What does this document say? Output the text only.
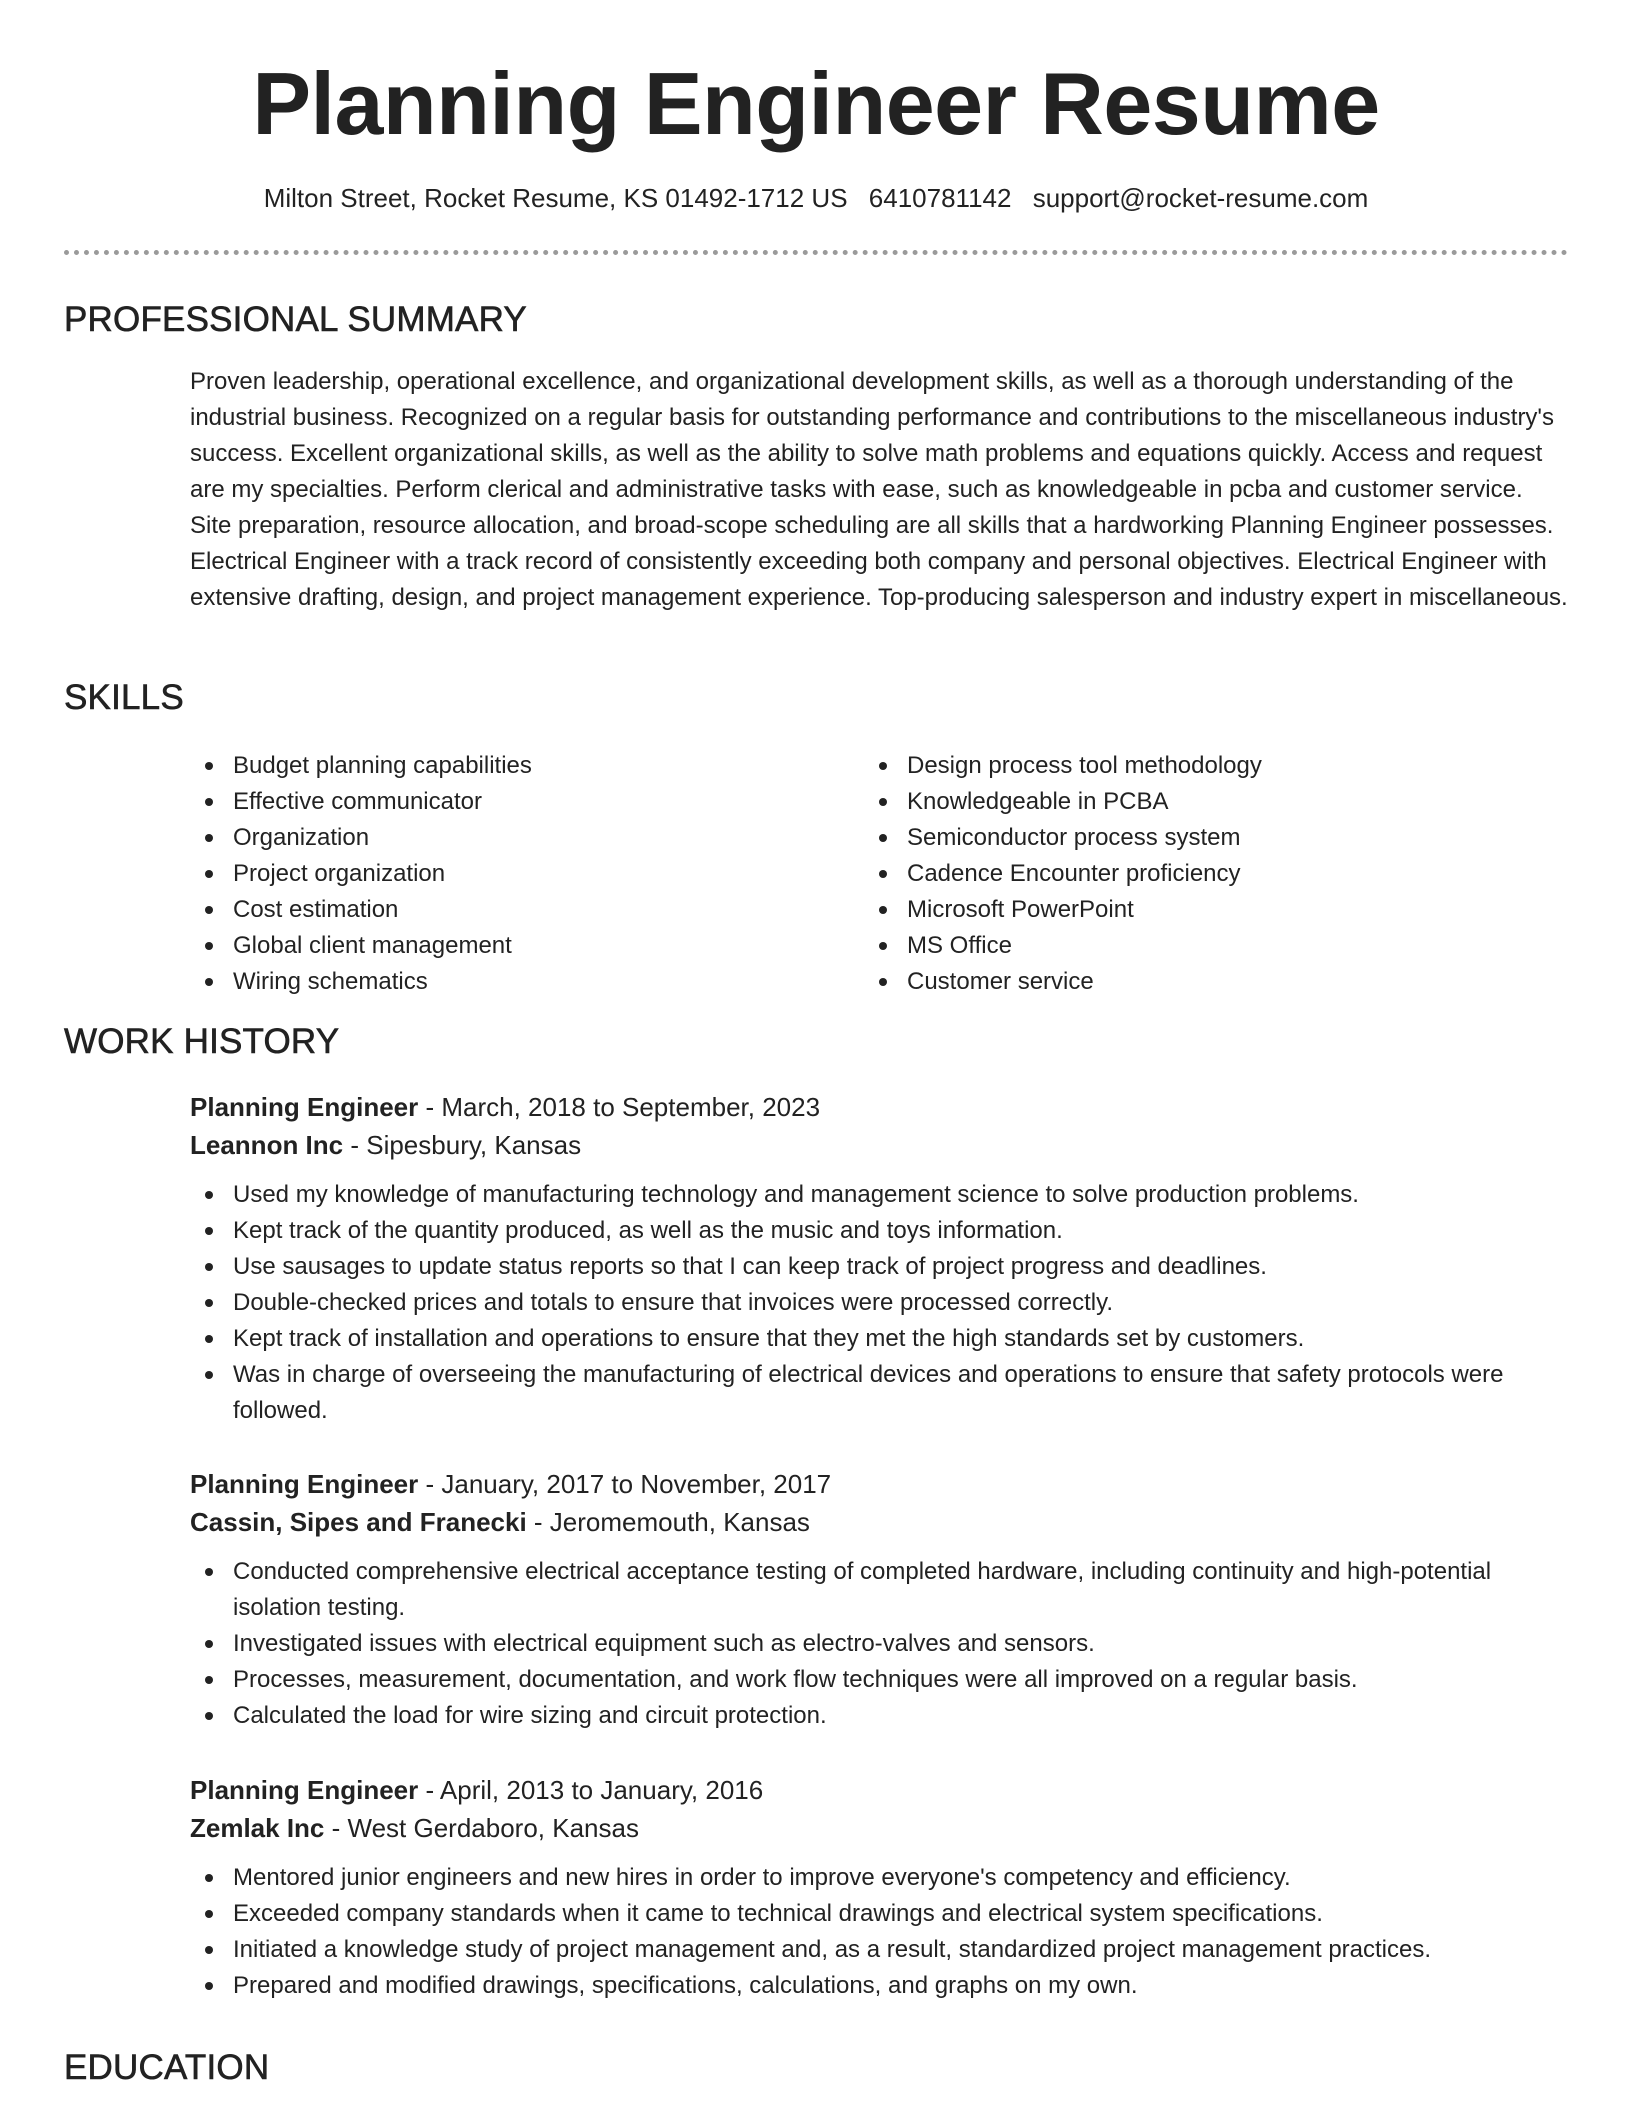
Planning Engineer Resume
Milton Street, Rocket Resume, KS 01492-1712 US 6410781142 support@rocket-resume.com
PROFESSIONAL SUMMARY

Proven leadership, operational excellence, and organizational development skills, as well as a thorough understanding of the industrial business. Recognized on a regular basis for outstanding performance and contributions to the miscellaneous industry's success. Excellent organizational skills, as well as the ability to solve math problems and equations quickly. Access and request are my specialties. Perform clerical and administrative tasks with ease, such as knowledgeable in pcba and customer service. Site preparation, resource allocation, and broad-scope scheduling are all skills that a hardworking Planning Engineer possesses. Electrical Engineer with a track record of consistently exceeding both company and personal objectives. Electrical Engineer with extensive drafting, design, and project management experience. Top-producing salesperson and industry expert in miscellaneous.

SKILLS
Budget planning capabilities
Effective communicator
Organization
Project organization
Cost estimation
Global client management
Wiring schematics
Design process tool methodology
Knowledgeable in PCBA
Semiconductor process system
Cadence Encounter proficiency
Microsoft PowerPoint
MS Office
Customer service
WORK HISTORY
Planning Engineer - March, 2018 to September, 2023
Leannon Inc - Sipesbury, Kansas
Used my knowledge of manufacturing technology and management science to solve production problems.
Kept track of the quantity produced, as well as the music and toys information.
Use sausages to update status reports so that I can keep track of project progress and deadlines.
Double-checked prices and totals to ensure that invoices were processed correctly.
Kept track of installation and operations to ensure that they met the high standards set by customers.
Was in charge of overseeing the manufacturing of electrical devices and operations to ensure that safety protocols were followed.
Planning Engineer - January, 2017 to November, 2017
Cassin, Sipes and Franecki - Jeromemouth, Kansas
Conducted comprehensive electrical acceptance testing of completed hardware, including continuity and high-potential isolation testing.
Investigated issues with electrical equipment such as electro-valves and sensors.
Processes, measurement, documentation, and work flow techniques were all improved on a regular basis.
Calculated the load for wire sizing and circuit protection.
Planning Engineer - April, 2013 to January, 2016
Zemlak Inc - West Gerdaboro, Kansas
Mentored junior engineers and new hires in order to improve everyone's competency and efficiency.
Exceeded company standards when it came to technical drawings and electrical system specifications.
Initiated a knowledge study of project management and, as a result, standardized project management practices.
Prepared and modified drawings, specifications, calculations, and graphs on my own.
EDUCATION
